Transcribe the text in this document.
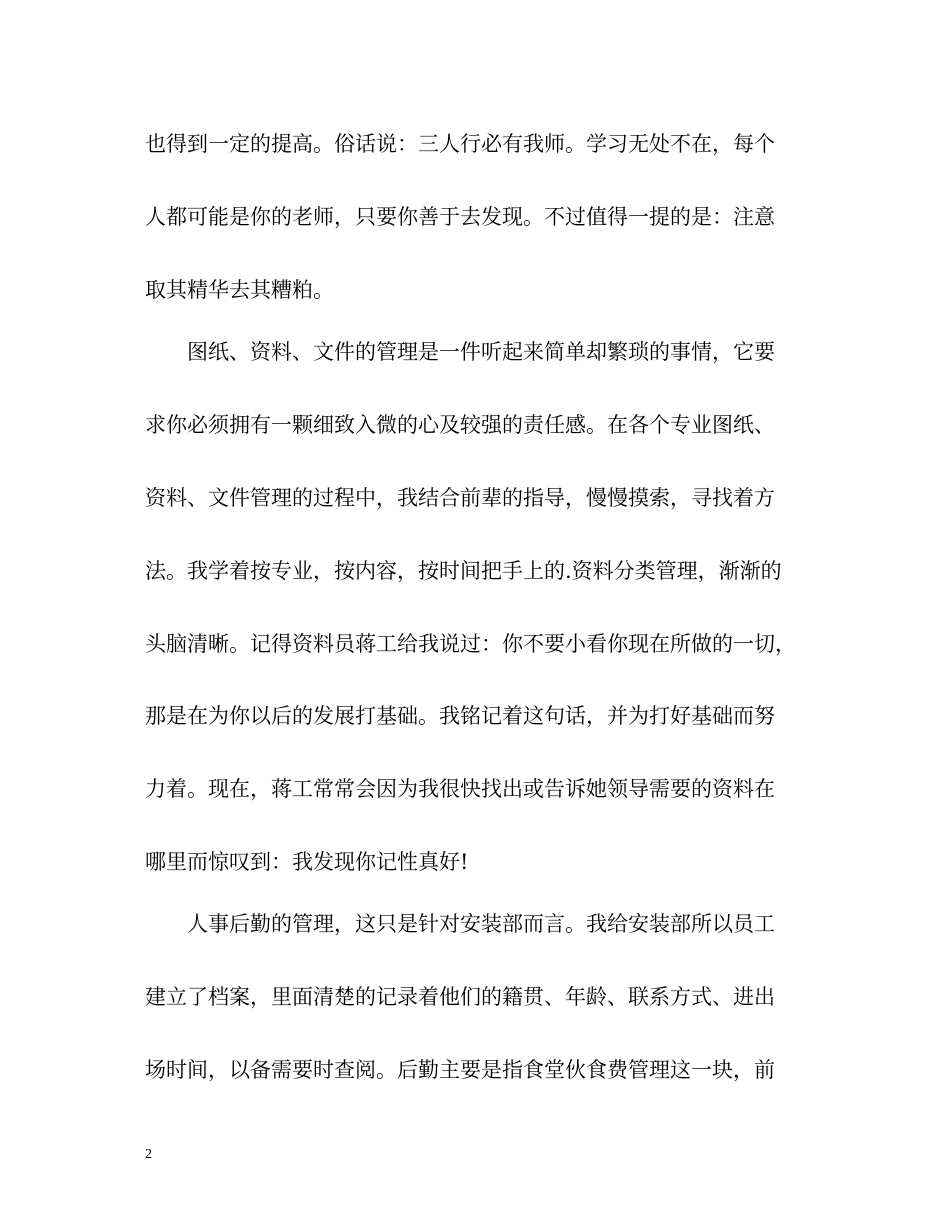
也得到一定的提高。俗话说：三人行必有我师。学习无处不在，每个

人都可能是你的老师，只要你善于去发现。不过值得一提的是：注意

取其精华去其糟粕。

图纸、资料、文件的管理是一件听起来简单却繁琐的事情，它要

求你必须拥有一颗细致入微的心及较强的责任感。在各个专业图纸、

资料、文件管理的过程中，我结合前辈的指导，慢慢摸索，寻找着方

法。我学着按专业，按内容，按时间把手上的.资料分类管理，渐渐的

头脑清晰。记得资料员蒋工给我说过：你不要小看你现在所做的一切，

那是在为你以后的发展打基础。我铭记着这句话，并为打好基础而努

力着。现在，蒋工常常会因为我很快找出或告诉她领导需要的资料在

哪里而惊叹到：我发现你记性真好!

人事后勤的管理，这只是针对安装部而言。我给安装部所以员工

建立了档案，里面清楚的记录着他们的籍贯、年龄、联系方式、进出

场时间，以备需要时查阅。后勤主要是指食堂伙食费管理这一块，前

2
